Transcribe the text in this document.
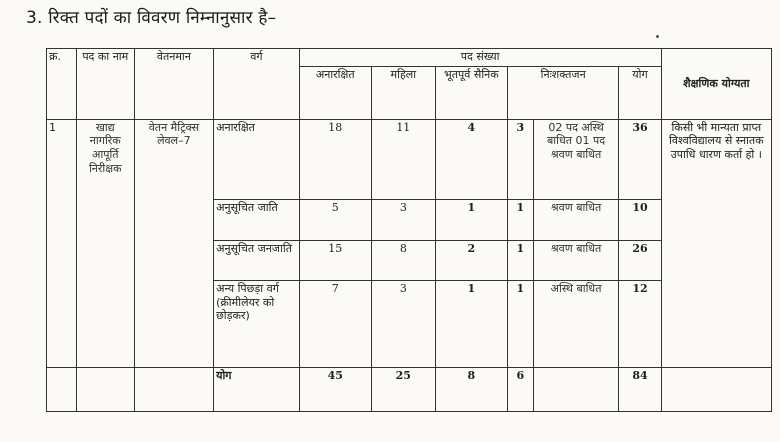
3. रिक्त पदों का विवरण निम्नानुसार है–
क्र.	पद का नाम	वेतनमान	वर्ग	पद संख्या						शैक्षणिक योग्यता
				अनारक्षित	महिला	भूतपूर्व सैनिक	निःशक्तजन		योग	
1	खाद्य नागरिक आपूर्ति निरीक्षक	वेतन मैट्रिक्स लेवल–7	अनारक्षित	18	11	4	3	02 पद अस्थि बाधित 01 पद श्रवण बाधित	36	किसी भी मान्यता प्राप्त विश्वविद्यालय से स्नातक उपाधि धारण कर्ता हो ।
			अनुसूचित जाति	5	3	1	1	श्रवण बाधित	10	
			अनुसूचित जनजाति	15	8	2	1	श्रवण बाधित	26	
			अन्य पिछड़ा वर्ग (क्रीमीलेयर को छोड़कर)	7	3	1	1	अस्थि बाधित	12	
			योग	45	25	8	6		84	
